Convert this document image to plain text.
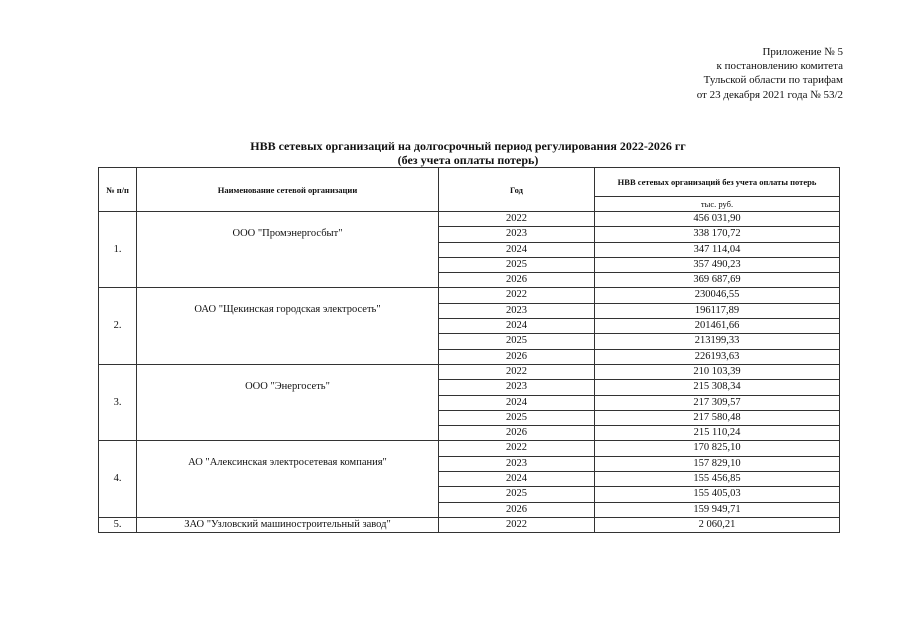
Приложение № 5
к постановлению комитета
Тульской области по тарифам
от 23 декабря 2021 года № 53/2
НВВ сетевых организаций на долгосрочный период регулирования 2022-2026 гг
(без учета оплаты потерь)
№ п/п	Наименование сетевой организации	Год	НВВ сетевых организаций без учета оплаты потерь
			тыс. руб.
1.	ООО "Промэнергосбыт"	2022	456 031,90
		2023	338 170,72
		2024	347 114,04
		2025	357 490,23
		2026	369 687,69
2.	ОАО "Щекинская городская электросеть"	2022	230046,55
		2023	196117,89
		2024	201461,66
		2025	213199,33
		2026	226193,63
3.	ООО "Энергосеть"	2022	210 103,39
		2023	215 308,34
		2024	217 309,57
		2025	217 580,48
		2026	215 110,24
4.	АО "Алексинская электросетевая компания"	2022	170 825,10
		2023	157 829,10
		2024	155 456,85
		2025	155 405,03
		2026	159 949,71
5.	ЗАО "Узловский машиностроительный завод"	2022	2 060,21
